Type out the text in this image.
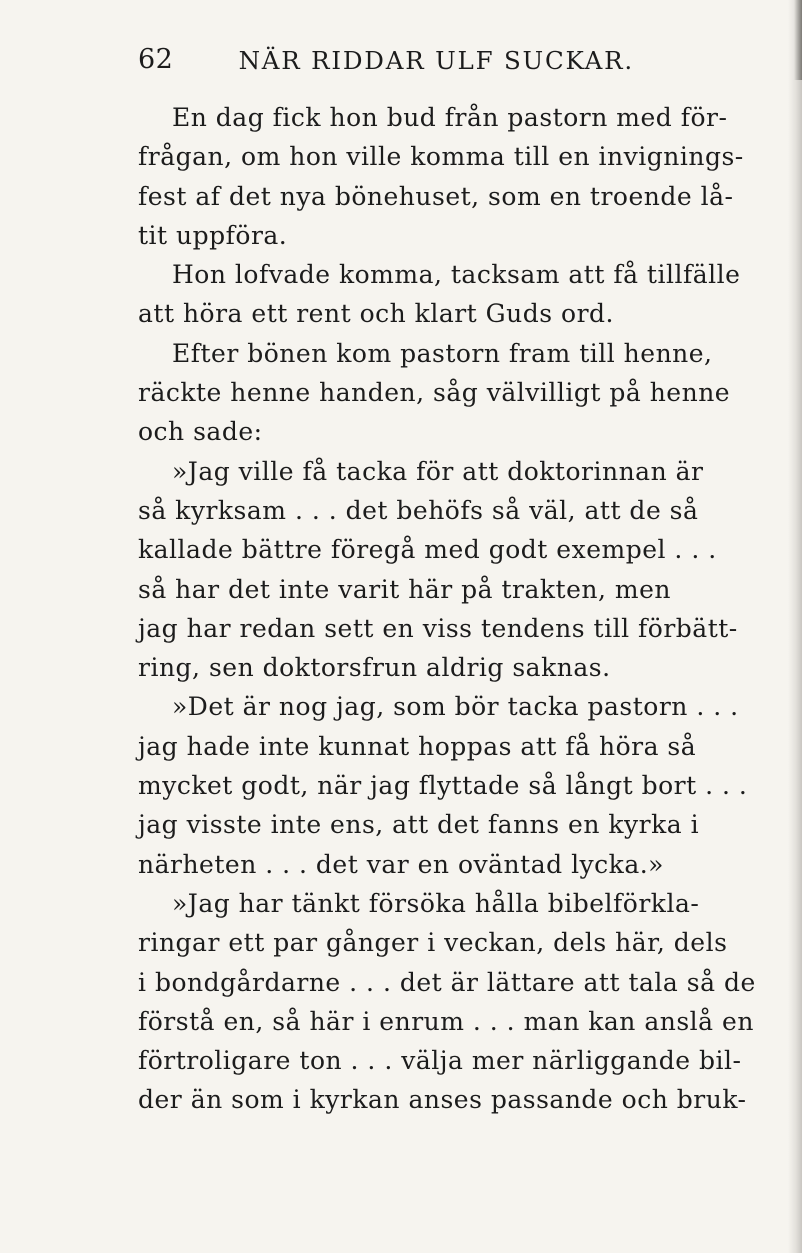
62	NÄR RIDDAR ULF SUCKAR.
En dag fick hon bud från pastorn med för-
frågan, om hon ville komma till en invignings-
fest af det nya bönehuset, som en troende lå-
tit uppföra.
Hon lofvade komma, tacksam att få tillfälle
att höra ett rent och klart Guds ord.
Efter bönen kom pastorn fram till henne,
räckte henne handen, såg välvilligt på henne
och sade:
»Jag ville få tacka för att doktorinnan är
så kyrksam . . . det behöfs så väl, att de så
kallade bättre föregå med godt exempel . . .
så har det inte varit här på trakten, men
jag har redan sett en viss tendens till förbätt-
ring, sen doktorsfrun aldrig saknas.
»Det är nog jag, som bör tacka pastorn . . .
jag hade inte kunnat hoppas att få höra så
mycket godt, när jag flyttade så långt bort . . .
jag visste inte ens, att det fanns en kyrka i
närheten . . . det var en oväntad lycka.»
»Jag har tänkt försöka hålla bibelförkla-
ringar ett par gånger i veckan, dels här, dels
i bondgårdarne . . . det är lättare att tala så de
förstå en, så här i enrum . . . man kan anslå en
förtroligare ton . . . välja mer närliggande bil-
der än som i kyrkan anses passande och bruk-
